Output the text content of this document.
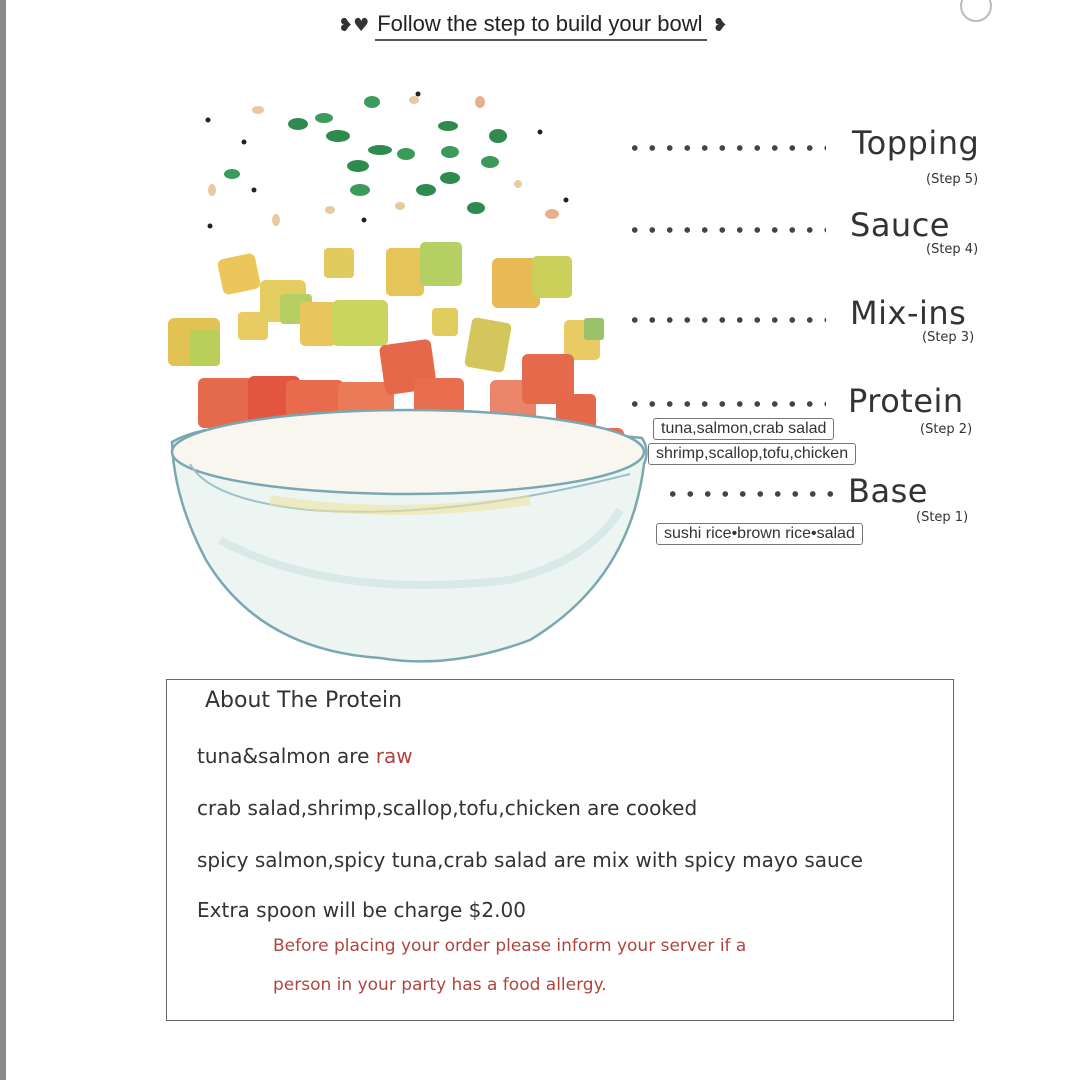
❥♥ Follow the step to build your bowl ❥
Topping
(Step 5)
Sauce
(Step 4)
Mix-ins
(Step 3)
Protein
(Step 2)
Base
(Step 1)
tuna,salmon,crab salad
shrimp,scallop,tofu,chicken
sushi rice•brown rice•salad
About The Protein
tuna&salmon are raw
crab salad,shrimp,scallop,tofu,chicken are cooked
spicy salmon,spicy tuna,crab salad are mix with spicy mayo sauce
Extra spoon will be charge $2.00
Before placing your order please inform your server if a
person in your party has a food allergy.
